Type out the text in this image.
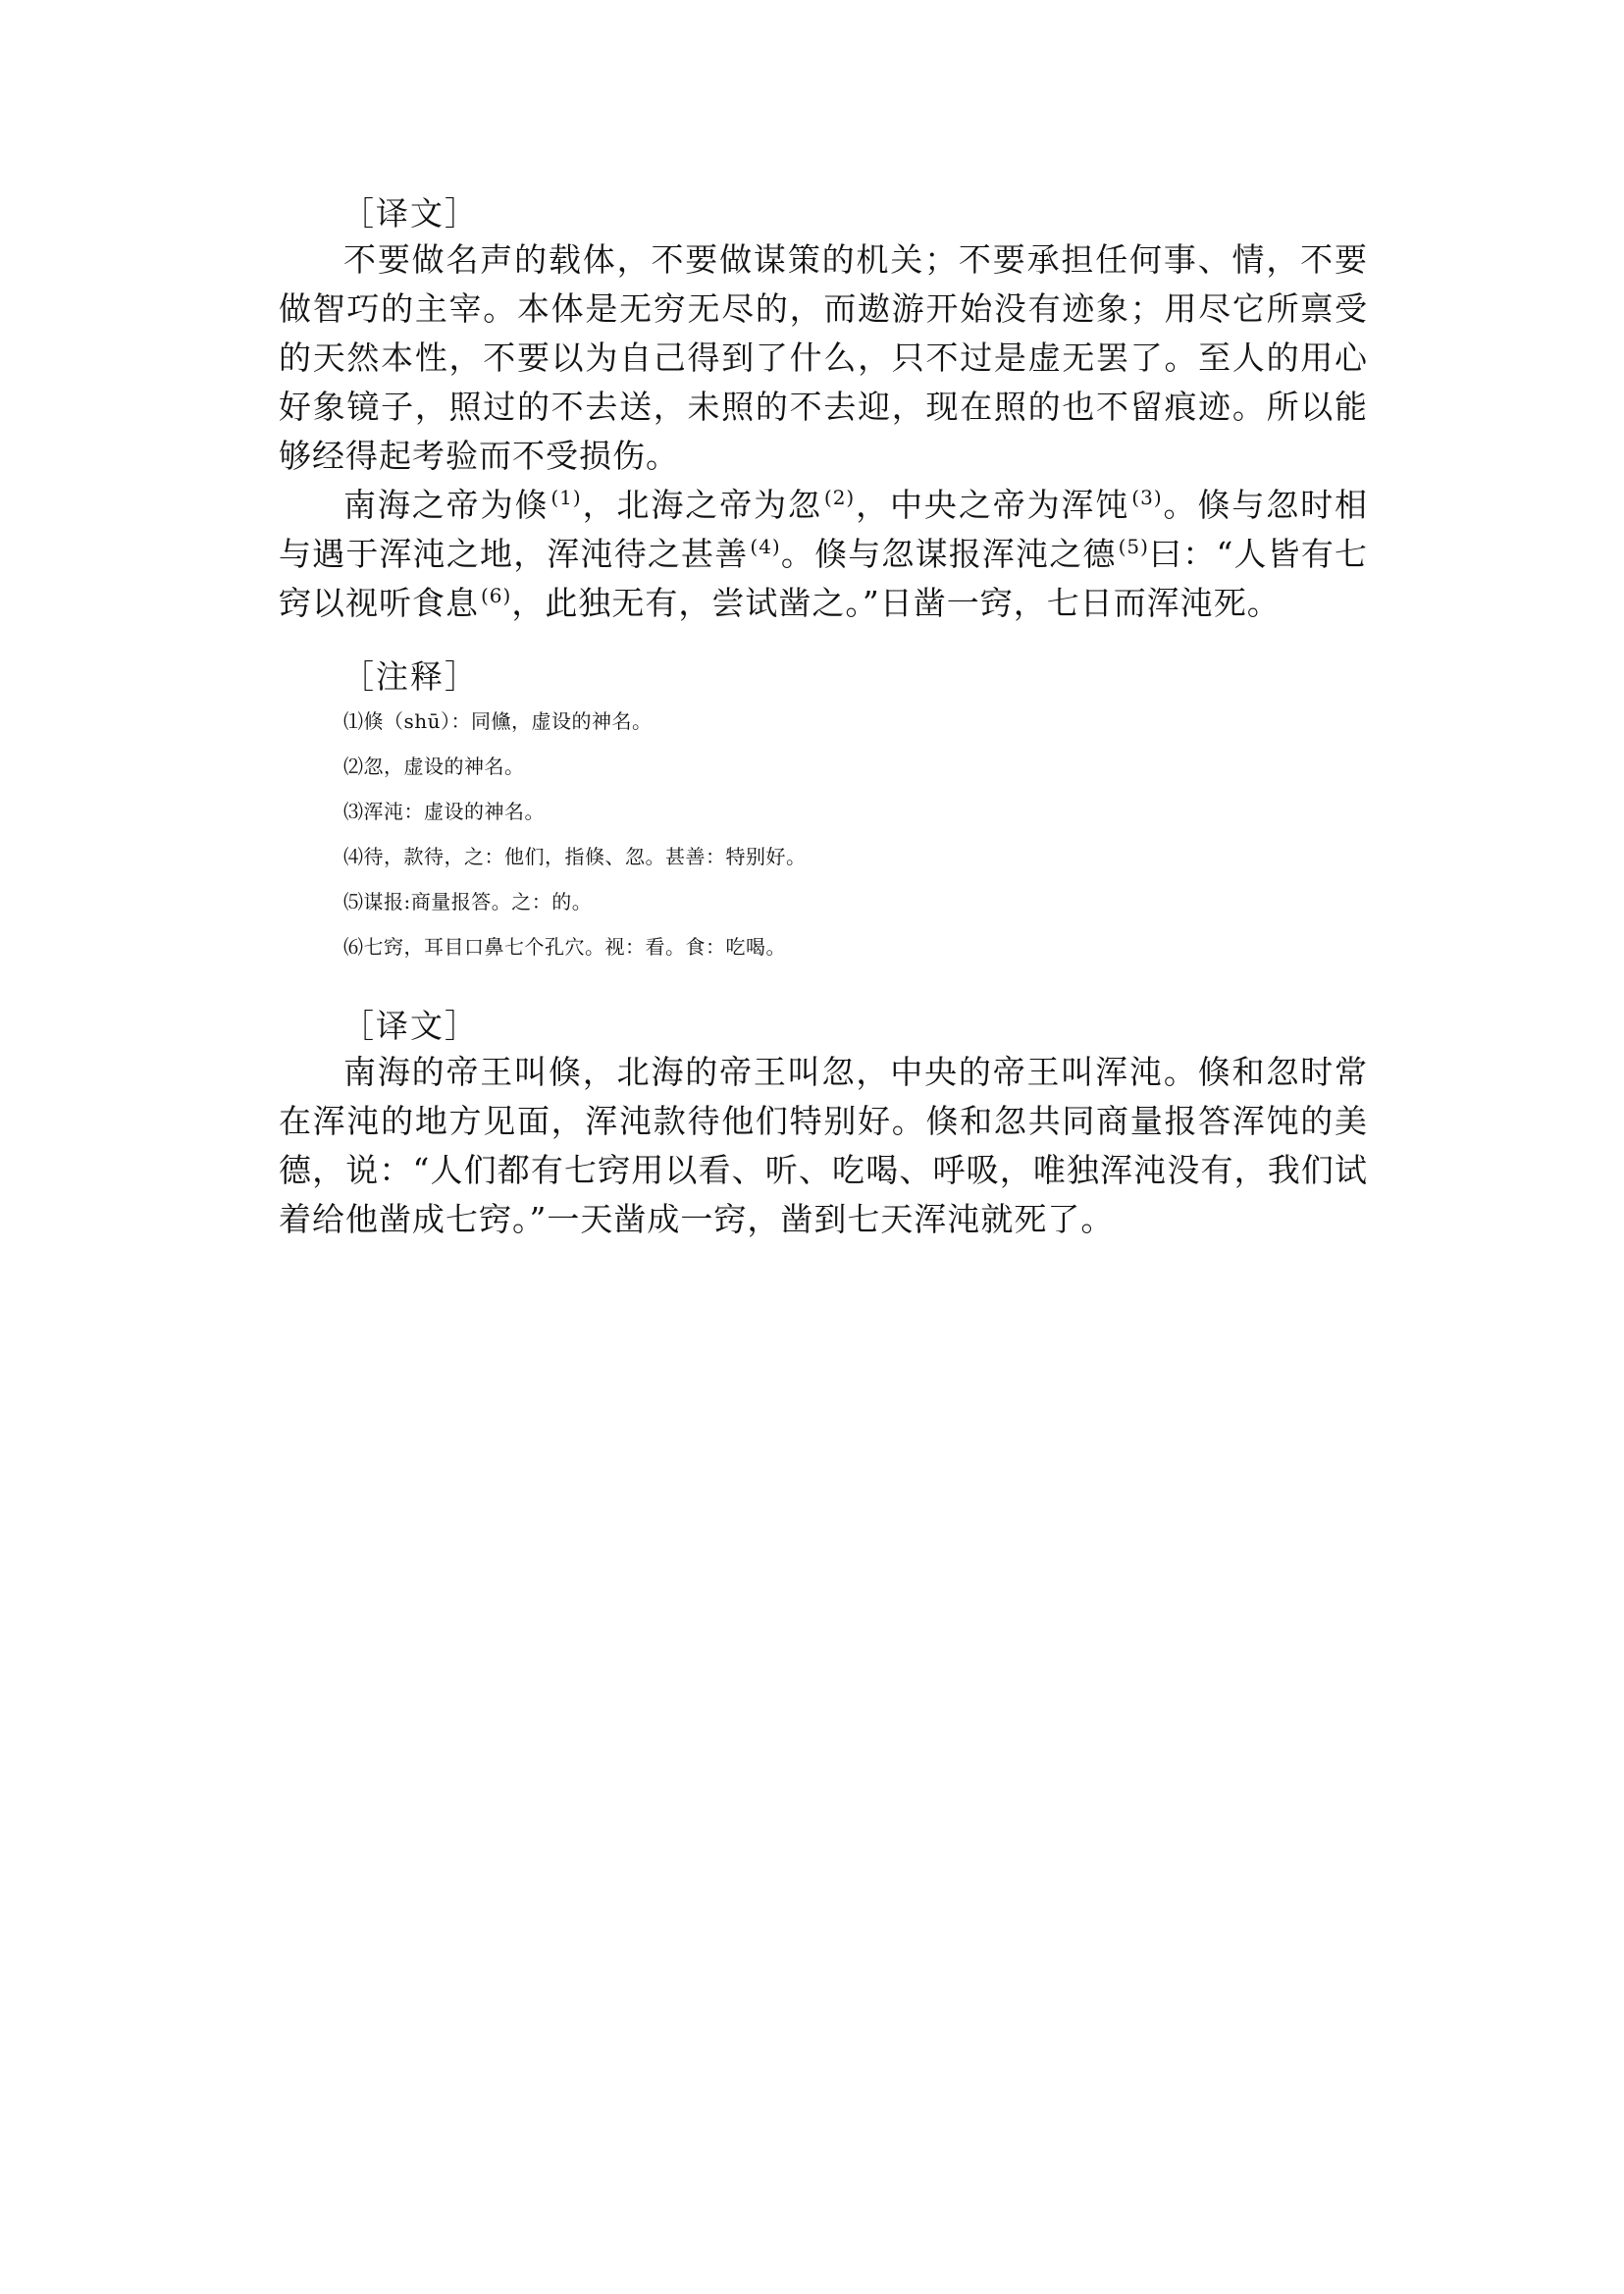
［译文］

不要做名声的载体，不要做谋策的机关；不要承担任何事、情，不要做智巧的主宰。本体是无穷无尽的，而遨游开始没有迹象；用尽它所禀受的天然本性，不要以为自己得到了什么，只不过是虚无罢了。至人的用心好象镜子，照过的不去送，未照的不去迎，现在照的也不留痕迹。所以能够经得起考验而不受损伤。

南海之帝为倏 $^{(1)}$，北海之帝为忽 $^{(2)}$，中央之帝为浑饨 $^{(3)}$。倏与忽时相与遇于浑沌之地，浑沌待之甚善 $^{(4)}$。倏与忽谋报浑沌之德 $^{(5)}$曰：“人皆有七窍以视听食息 $^{(6)}$，此独无有，尝试凿之。”日凿一窍，七日而浑沌死。

［注释］
⑴倏（shū）：同儵，虚设的神名。
⑵忽，虚设的神名。
⑶浑沌：虚设的神名。
⑷待，款待，之：他们，指倏、忽。甚善：特别好。
⑸谋报:商量报答。之：的。
⑹七窍，耳目口鼻七个孔穴。视：看。食：吃喝。
［译文］

南海的帝王叫倏，北海的帝王叫忽，中央的帝王叫浑沌。倏和忽时常在浑沌的地方见面，浑沌款待他们特别好。倏和忽共同商量报答浑饨的美德，说：“人们都有七窍用以看、听、吃喝、呼吸，唯独浑沌没有，我们试着给他凿成七窍。”一天凿成一窍，凿到七天浑沌就死了。
